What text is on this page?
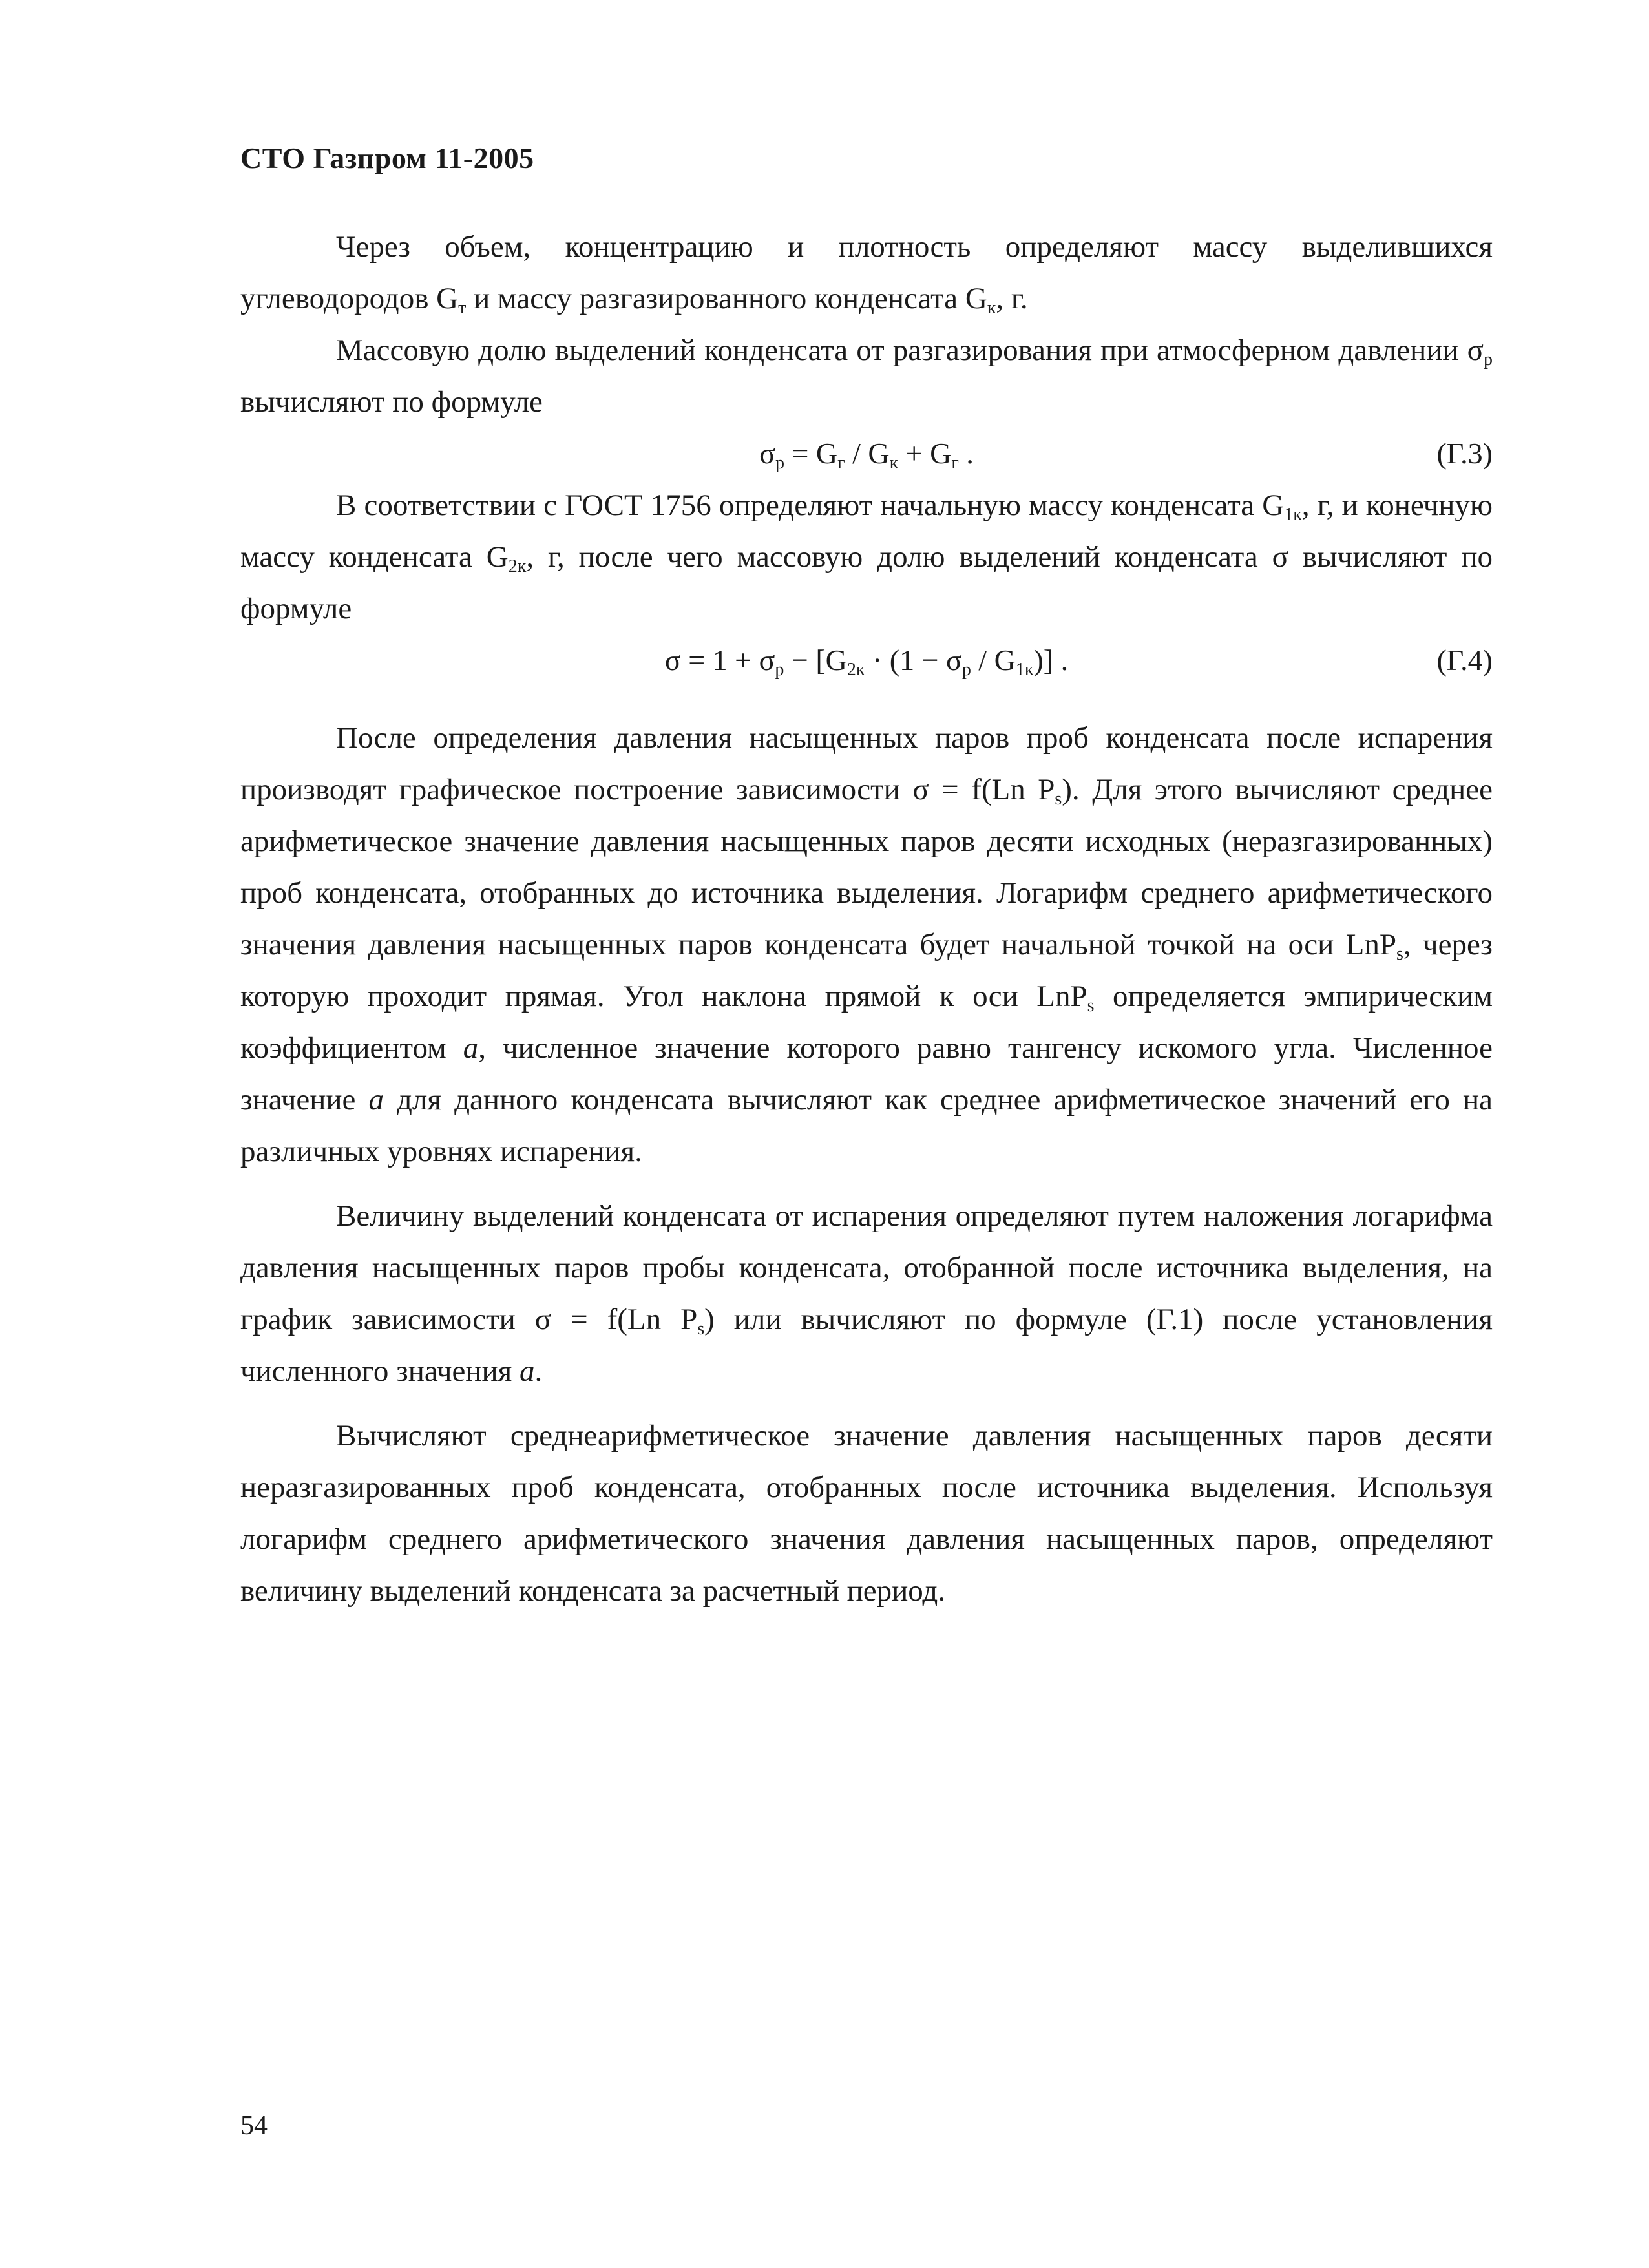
СТО Газпром 11-2005

Через объем, концентрацию и плотность определяют массу выделившихся углеводородов $G_т$ и массу разгазированного конденсата $G_к$, г.

Массовую долю выделений конденсата от разгазирования при атмосферном давлении $\sigma_р$ вычисляют по формуле

$\sigma_р = G_г / G_к + G_г$ .	(Г.3)

В соответствии с ГОСТ 1756 определяют начальную массу конденсата $G_{1к}$, г, и конечную массу конденсата $G_{2к}$, г, после чего массовую долю выделений конденсата σ вычисляют по формуле

$\sigma = 1 + \sigma_р - [G_{2к} \cdot (1 - \sigma_р / G_{1к})]$ .	(Г.4)

После определения давления насыщенных паров проб конденсата после испарения производят графическое построение зависимости σ = f(Ln $P_s$). Для этого вычисляют среднее арифметическое значение давления насыщенных паров десяти исходных (неразгазированных) проб конденсата, отобранных до источника выделения. Логарифм среднего арифметического значения давления насыщенных паров конденсата будет начальной точкой на оси LnP$_s$, через которую проходит прямая. Угол наклона прямой к оси LnP$_s$ определяется эмпирическим коэффициентом a, численное значение которого равно тангенсу искомого угла. Численное значение a для данного конденсата вычисляют как среднее арифметическое значений его на различных уровнях испарения.

Величину выделений конденсата от испарения определяют путем наложения логарифма давления насыщенных паров пробы конденсата, отобранной после источника выделения, на график зависимости σ = f(Ln $P_s$) или вычисляют по формуле (Г.1) после установления численного значения a.

Вычисляют среднеарифметическое значение давления насыщенных паров десяти неразгазированных проб конденсата, отобранных после источника выделения. Используя логарифм среднего арифметического значения давления насыщенных паров, определяют величину выделений конденсата за расчетный период.

54
